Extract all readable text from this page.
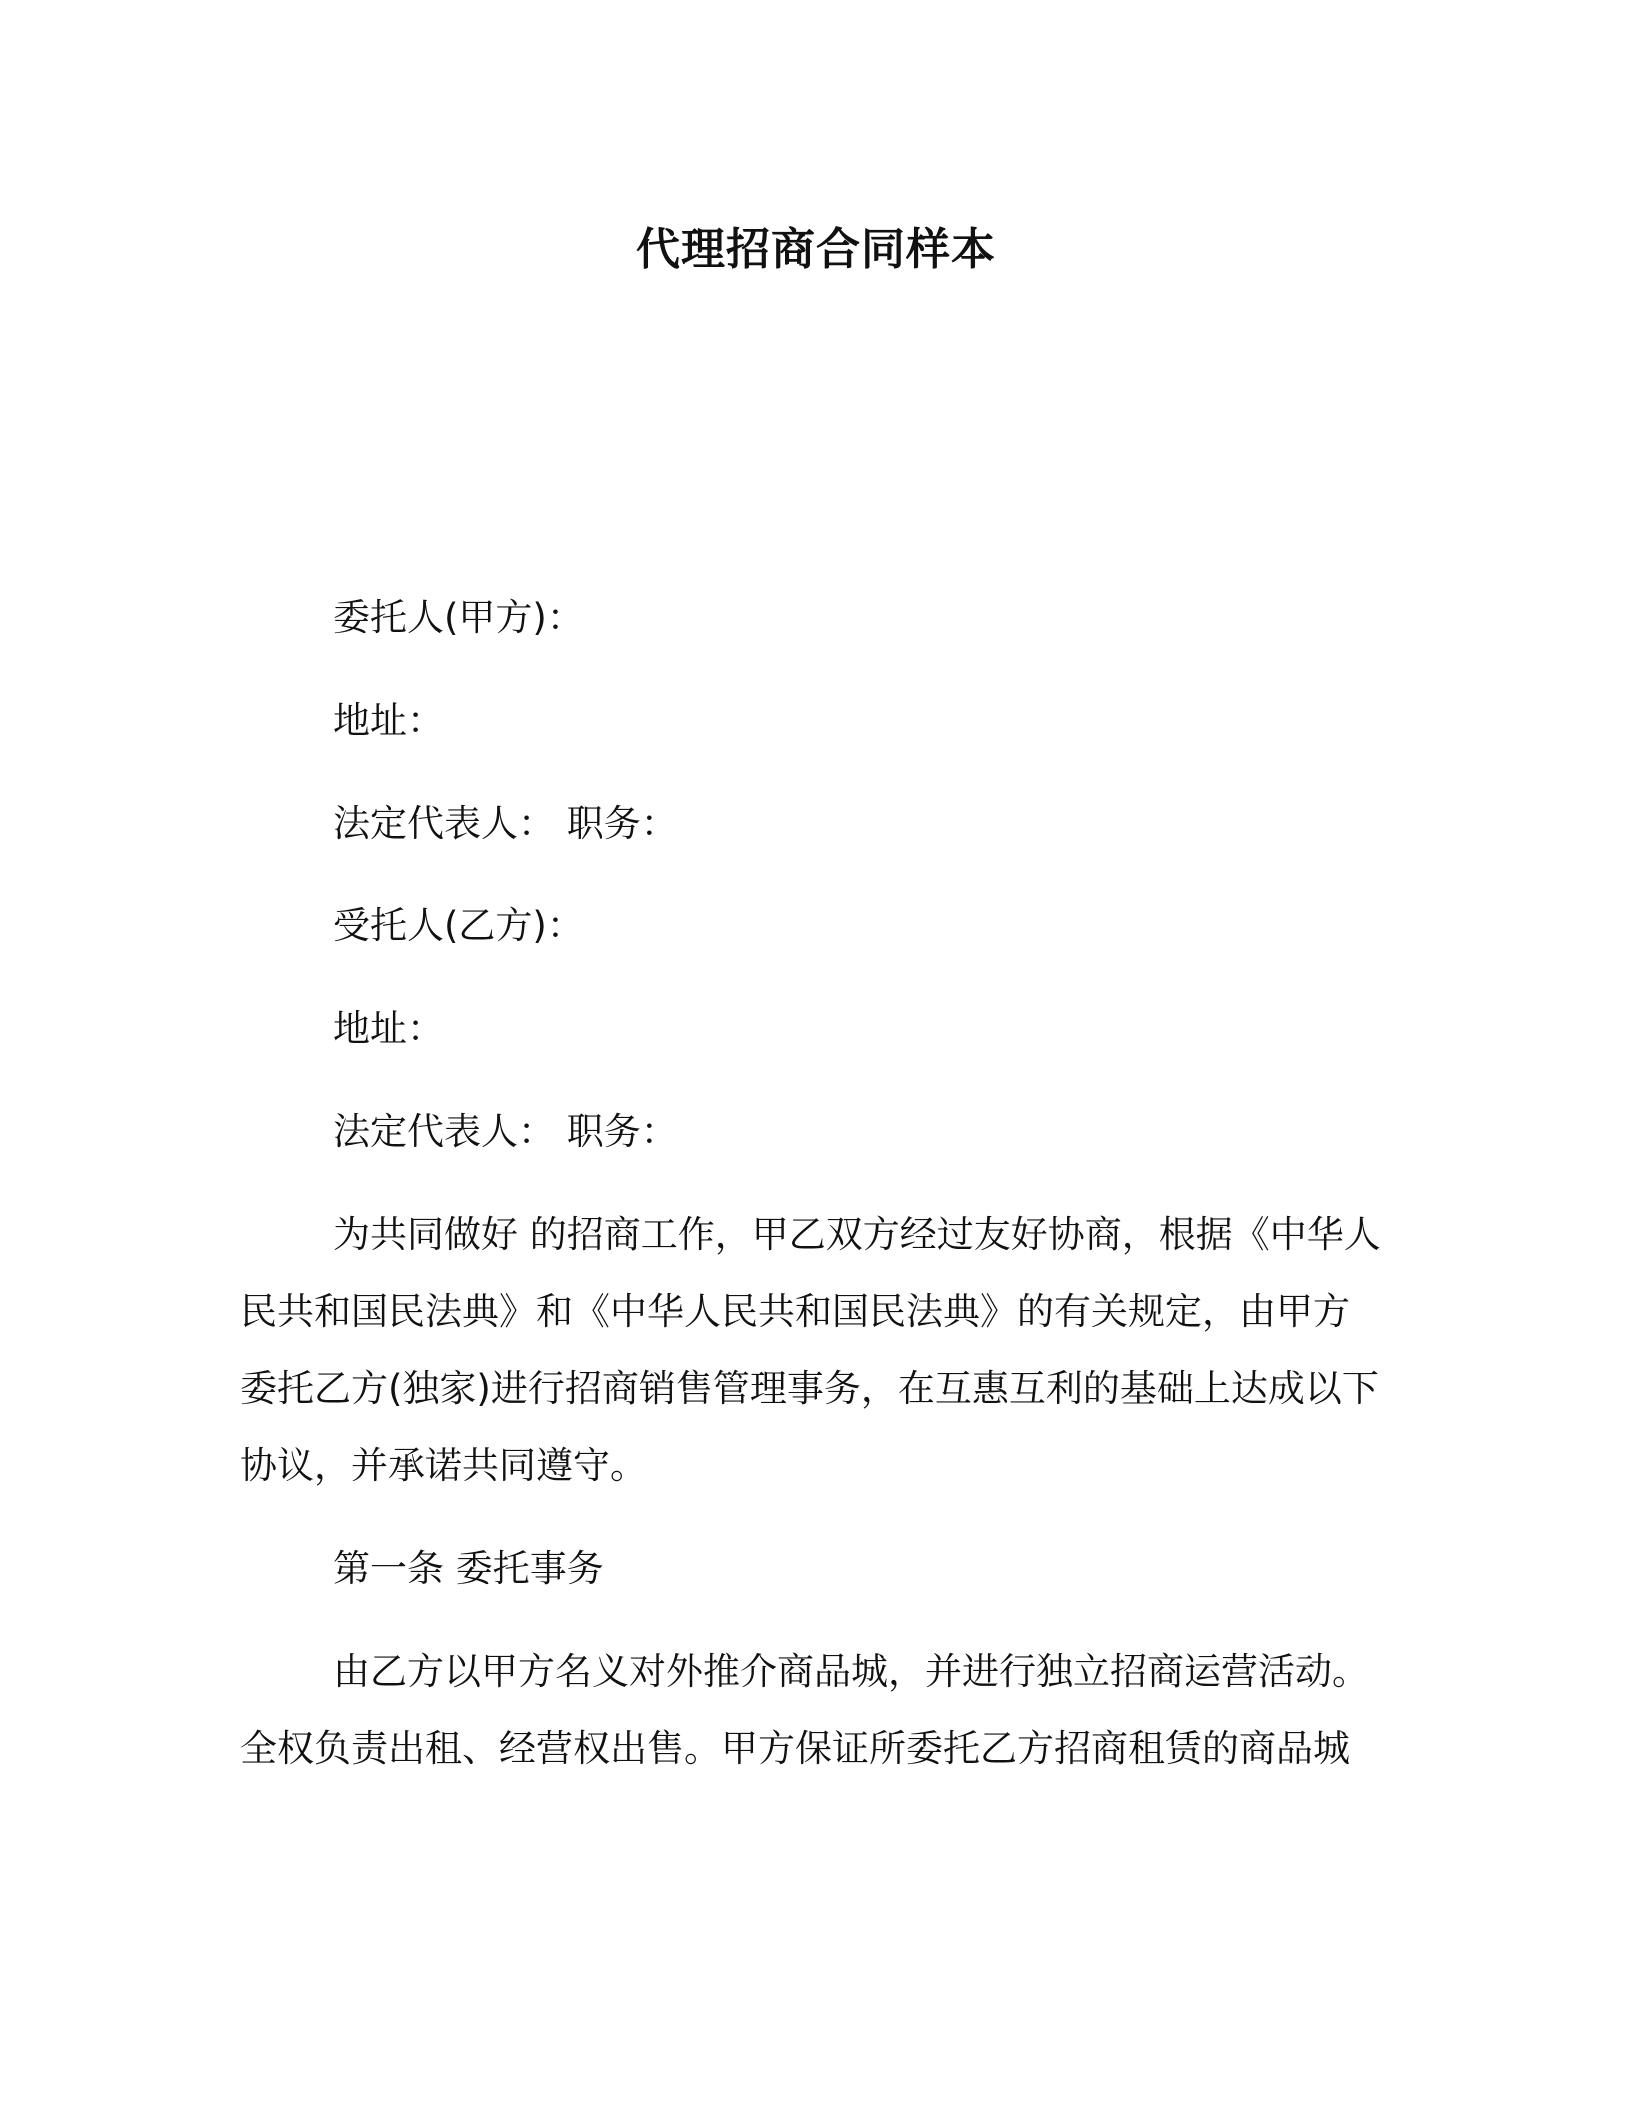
代理招商合同样本

委托人(甲方)：

地址：

法定代表人： 职务：

受托人(乙方)：

地址：

法定代表人： 职务：

为共同做好 的招商工作，甲乙双方经过友好协商，根据《中华人

民共和国民法典》和《中华人民共和国民法典》的有关规定，由甲方

委托乙方(独家)进行招商销售管理事务，在互惠互利的基础上达成以下

协议，并承诺共同遵守。

第一条 委托事务

由乙方以甲方名义对外推介商品城，并进行独立招商运营活动。

全权负责出租、经营权出售。甲方保证所委托乙方招商租赁的商品城
